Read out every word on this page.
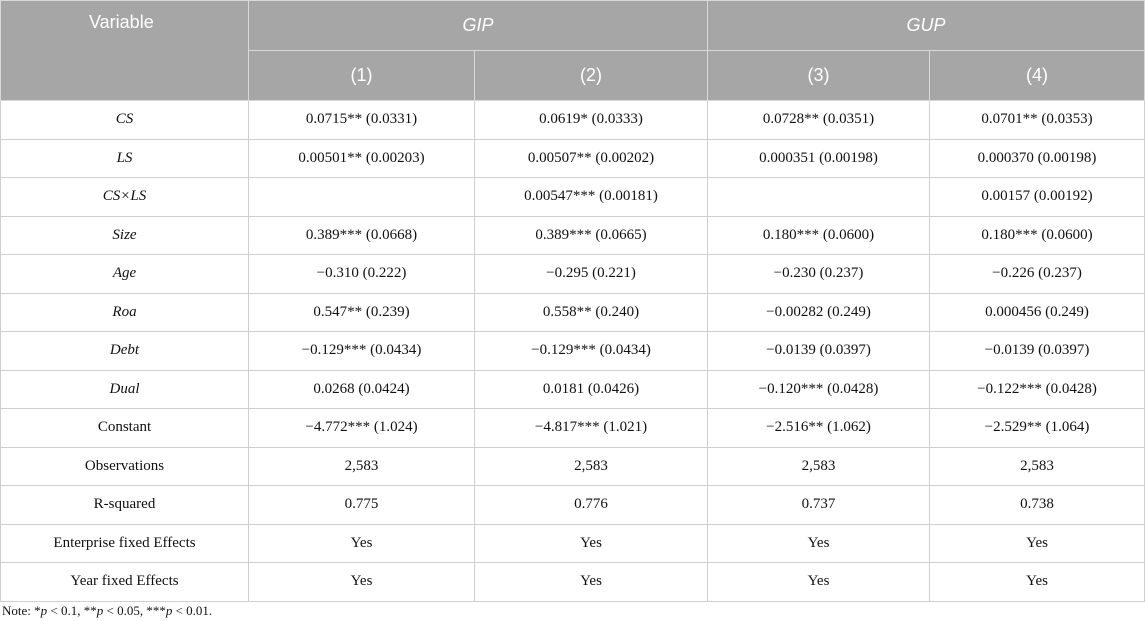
Variable	GIP		GUP	
	(1)	(2)	(3)	(4)
CS	0.0715** (0.0331)	0.0619* (0.0333)	0.0728** (0.0351)	0.0701** (0.0353)
LS	0.00501** (0.00203)	0.00507** (0.00202)	0.000351 (0.00198)	0.000370 (0.00198)
CS×LS		0.00547*** (0.00181)		0.00157 (0.00192)
Size	0.389*** (0.0668)	0.389*** (0.0665)	0.180*** (0.0600)	0.180*** (0.0600)
Age	−0.310 (0.222)	−0.295 (0.221)	−0.230 (0.237)	−0.226 (0.237)
Roa	0.547** (0.239)	0.558** (0.240)	−0.00282 (0.249)	0.000456 (0.249)
Debt	−0.129*** (0.0434)	−0.129*** (0.0434)	−0.0139 (0.0397)	−0.0139 (0.0397)
Dual	0.0268 (0.0424)	0.0181 (0.0426)	−0.120*** (0.0428)	−0.122*** (0.0428)
Constant	−4.772*** (1.024)	−4.817*** (1.021)	−2.516** (1.062)	−2.529** (1.064)
Observations	2,583	2,583	2,583	2,583
R-squared	0.775	0.776	0.737	0.738
Enterprise fixed Effects	Yes	Yes	Yes	Yes
Year fixed Effects	Yes	Yes	Yes	Yes
Note: *p < 0.1, **p < 0.05, ***p < 0.01.
